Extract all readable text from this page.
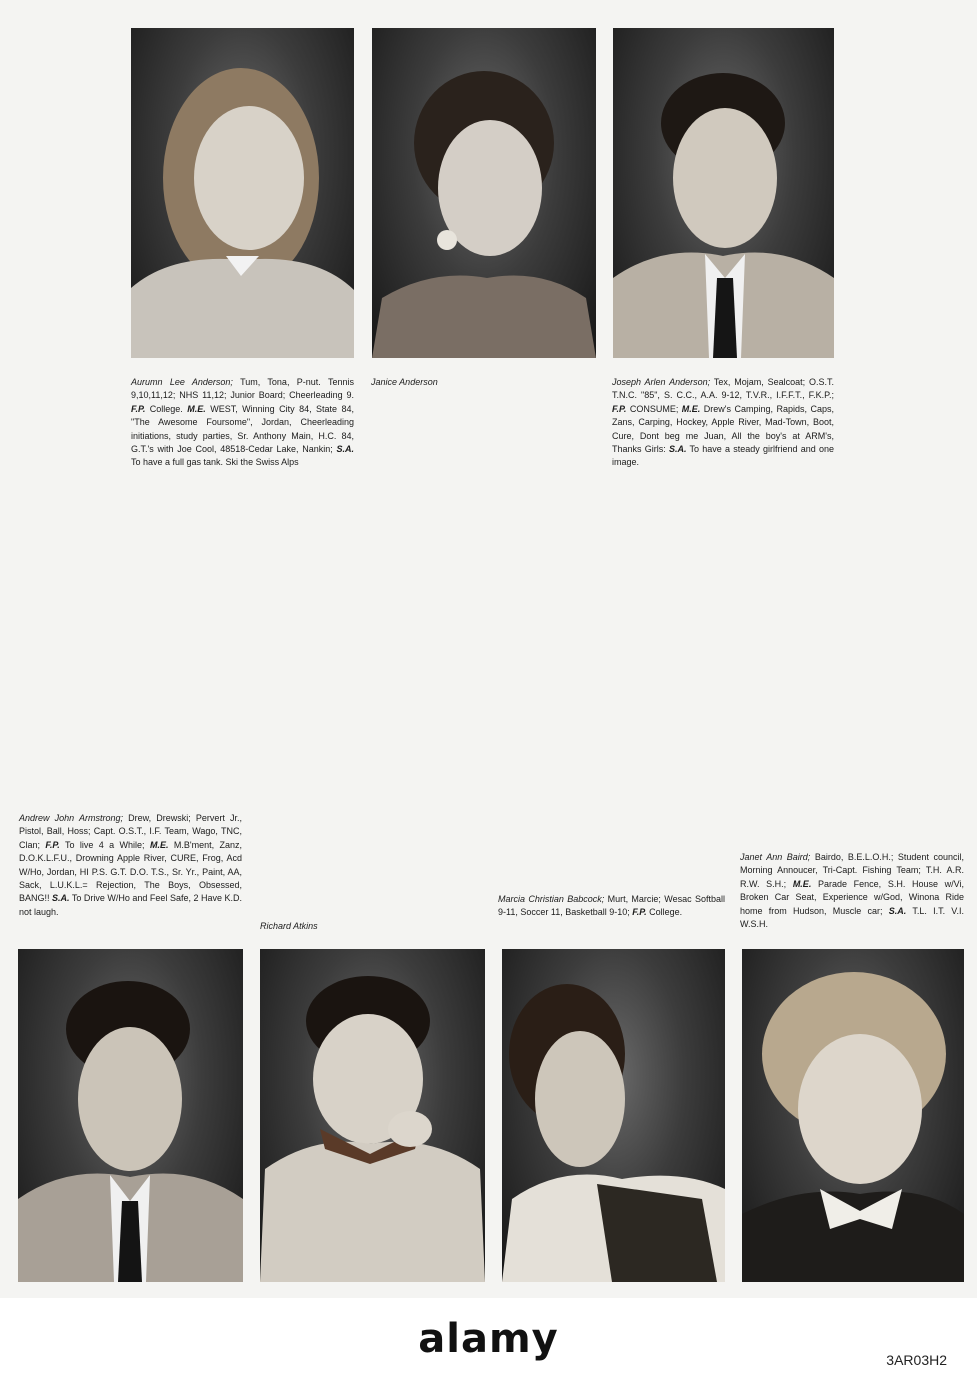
Aurumn Lee Anderson; Tum, Tona, P-nut. Tennis 9,10,11,12; NHS 11,12; Junior Board; Cheerleading 9. F.P. College. M.E. WEST, Winning City 84, State 84, "The Awesome Foursome", Jordan, Cheerleading initiations, study parties, Sr. Anthony Main, H.C. 84, G.T.'s with Joe Cool, 48518-Cedar Lake, Nankin; S.A. To have a full gas tank. Ski the Swiss Alps
Janice Anderson	Joseph Arlen Anderson; Tex, Mojam, Sealcoat; O.S.T. T.N.C. "85", S. C.C., A.A. 9-12, T.V.R., I.F.F.T., F.K.P.; F.P. CONSUME; M.E. Drew's Camping, Rapids, Caps, Zans, Carping, Hockey, Apple River, Mad-Town, Boot, Cure, Dont beg me Juan, All the boy's at ARM's, Thanks Girls: S.A. To have a steady girlfriend and one image.
Andrew John Armstrong; Drew, Drewski; Pervert Jr., Pistol, Ball, Hoss; Capt. O.S.T., I.F. Team, Wago, TNC, Clan; F.P. To live 4 a While; M.E. M.B'ment, Zanz, D.O.K.L.F.U., Drowning Apple River, CURE, Frog, Acd W/Ho, Jordan, HI P.S. G.T. D.O. T.S., Sr. Yr., Paint, AA, Sack, L.U.K.L.= Rejection, The Boys, Obsessed, BANG!! S.A. To Drive W/Ho and Feel Safe, 2 Have K.D. not laugh.
Richard Atkins
Marcia Christian Babcock; Murt, Marcie; Wesac Softball 9-11, Soccer 11, Basketball 9-10; F.P. College.
Janet Ann Baird; Bairdo, B.E.L.O.H.; Student council, Morning Annoucer, Tri-Capt. Fishing Team; T.H. A.R. R.W. S.H.; M.E. Parade Fence, S.H. House w/Vi, Broken Car Seat, Experience w/God, Winona Ride home from Hudson, Muscle car; S.A. T.L. I.T. V.I. W.S.H.
alamy	3AR03H2
